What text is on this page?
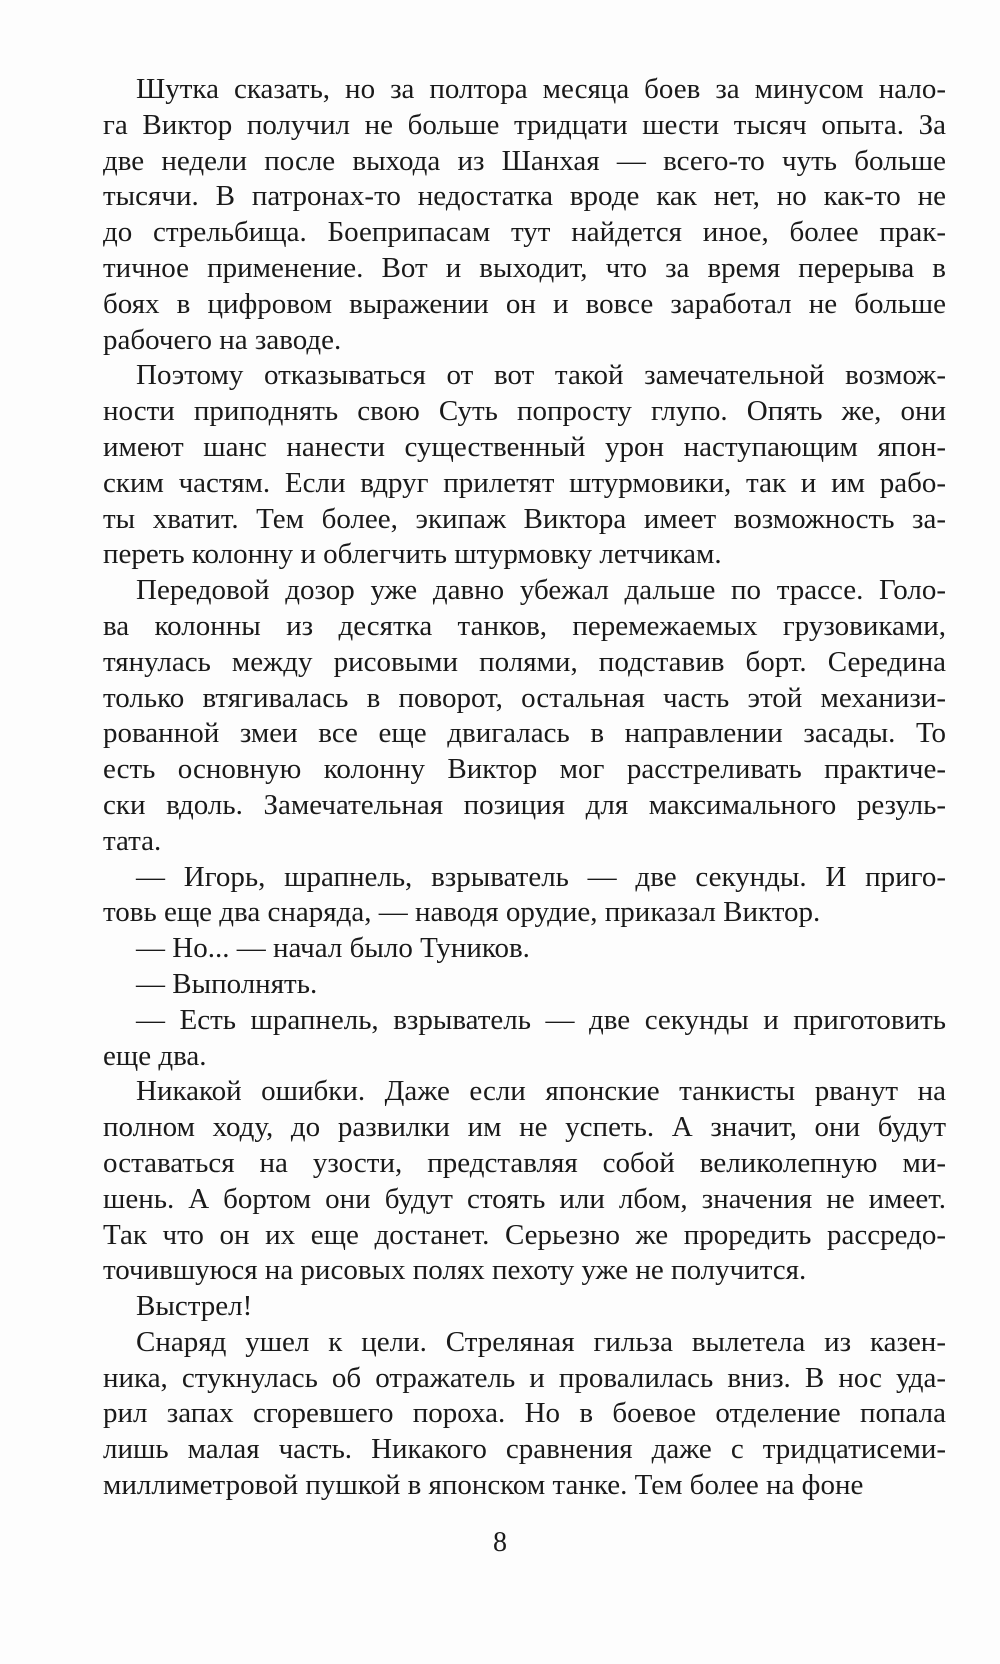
Шутка сказать, но за полтора месяца боев за минусом нало-
га Виктор получил не больше тридцати шести тысяч опыта. За
две недели после выхода из Шанхая — всего-то чуть больше
тысячи. В патронах-то недостатка вроде как нет, но как-то не
до стрельбища. Боеприпасам тут найдется иное, более прак-
тичное применение. Вот и выходит, что за время перерыва в
боях в цифровом выражении он и вовсе заработал не больше
рабочего на заводе.

Поэтому отказываться от вот такой замечательной возмож-
ности приподнять свою Суть попросту глупо. Опять же, они
имеют шанс нанести существенный урон наступающим япон-
ским частям. Если вдруг прилетят штурмовики, так и им рабо-
ты хватит. Тем более, экипаж Виктора имеет возможность за-
переть колонну и облегчить штурмовку летчикам.

Передовой дозор уже давно убежал дальше по трассе. Голо-
ва колонны из десятка танков, перемежаемых грузовиками,
тянулась между рисовыми полями, подставив борт. Середина
только втягивалась в поворот, остальная часть этой механизи-
рованной змеи все еще двигалась в направлении засады. То
есть основную колонну Виктор мог расстреливать практиче-
ски вдоль. Замечательная позиция для максимального резуль-
тата.

— Игорь, шрапнель, взрыватель — две секунды. И приго-
товь еще два снаряда, — наводя орудие, приказал Виктор.

— Но... — начал было Туников.

— Выполнять.

— Есть шрапнель, взрыватель — две секунды и приготовить
еще два.

Никакой ошибки. Даже если японские танкисты рванут на
полном ходу, до развилки им не успеть. А значит, они будут
оставаться на узости, представляя собой великолепную ми-
шень. А бортом они будут стоять или лбом, значения не имеет.
Так что он их еще достанет. Серьезно же проредить рассредо-
точившуюся на рисовых полях пехоту уже не получится.

Выстрел!

Снаряд ушел к цели. Стреляная гильза вылетела из казен-
ника, стукнулась об отражатель и провалилась вниз. В нос уда-
рил запах сгоревшего пороха. Но в боевое отделение попала
лишь малая часть. Никакого сравнения даже с тридцатисеми-
миллиметровой пушкой в японском танке. Тем более на фоне

8
